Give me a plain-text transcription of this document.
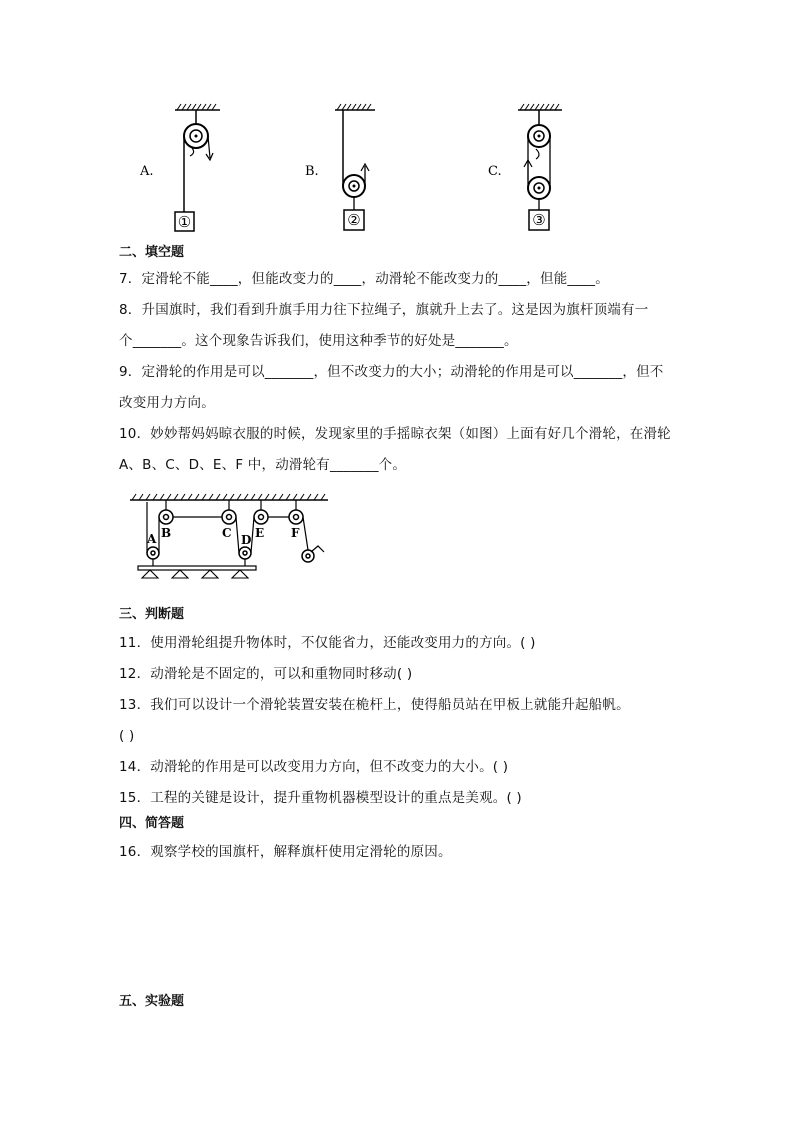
A.
①
B.
②
C.
③
二、填空题
7．定滑轮不能____，但能改变力的____，动滑轮不能改变力的____，但能____。
8．升国旗时，我们看到升旗手用力往下拉绳子，旗就升上去了。这是因为旗杆顶端有一
个_______。这个现象告诉我们，使用这种季节的好处是_______。
9．定滑轮的作用是可以_______，但不改变力的大小；动滑轮的作用是可以_______，但不
改变用力方向。
10．妙妙帮妈妈晾衣服的时候，发现家里的手摇晾衣架（如图）上面有好几个滑轮，在滑轮
A、B、C、D、E、F 中，动滑轮有_______个。
A B	C D E F
三、判断题
11．使用滑轮组提升物体时，不仅能省力，还能改变用力的方向。( )
12．动滑轮是不固定的，可以和重物同时移动( )
13．我们可以设计一个滑轮装置安装在桅杆上，使得船员站在甲板上就能升起船帆。
( )
14．动滑轮的作用是可以改变用力方向，但不改变力的大小。( )
15．工程的关键是设计，提升重物机器模型设计的重点是美观。( )
四、简答题
16．观察学校的国旗杆，解释旗杆使用定滑轮的原因。
五、实验题
